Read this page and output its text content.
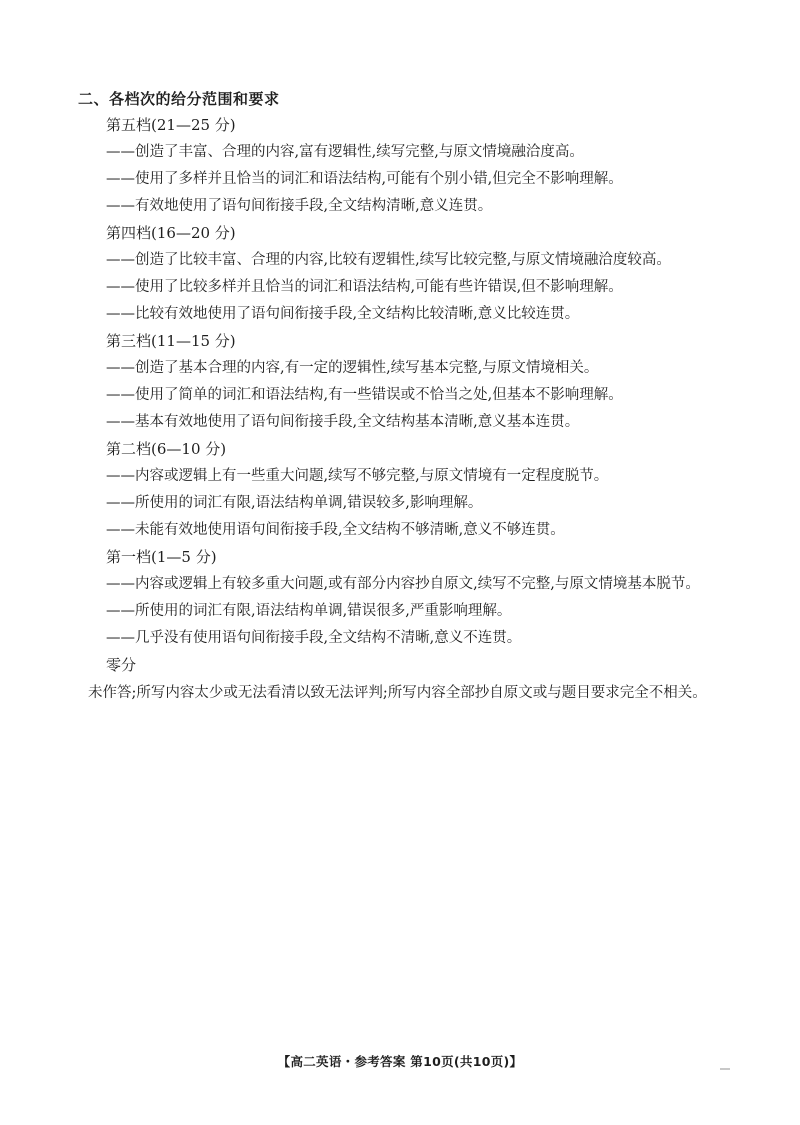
二、各档次的给分范围和要求
第五档(21—25 分)

——创造了丰富、合理的内容,富有逻辑性,续写完整,与原文情境融洽度高。

——使用了多样并且恰当的词汇和语法结构,可能有个别小错,但完全不影响理解。

——有效地使用了语句间衔接手段,全文结构清晰,意义连贯。

第四档(16—20 分)

——创造了比较丰富、合理的内容,比较有逻辑性,续写比较完整,与原文情境融洽度较高。

——使用了比较多样并且恰当的词汇和语法结构,可能有些许错误,但不影响理解。

——比较有效地使用了语句间衔接手段,全文结构比较清晰,意义比较连贯。

第三档(11—15 分)

——创造了基本合理的内容,有一定的逻辑性,续写基本完整,与原文情境相关。

——使用了简单的词汇和语法结构,有一些错误或不恰当之处,但基本不影响理解。

——基本有效地使用了语句间衔接手段,全文结构基本清晰,意义基本连贯。

第二档(6—10 分)

——内容或逻辑上有一些重大问题,续写不够完整,与原文情境有一定程度脱节。

——所使用的词汇有限,语法结构单调,错误较多,影响理解。

——未能有效地使用语句间衔接手段,全文结构不够清晰,意义不够连贯。

第一档(1—5 分)

——内容或逻辑上有较多重大问题,或有部分内容抄自原文,续写不完整,与原文情境基本脱节。

——所使用的词汇有限,语法结构单调,错误很多,严重影响理解。

——几乎没有使用语句间衔接手段,全文结构不清晰,意义不连贯。

零分

未作答;所写内容太少或无法看清以致无法评判;所写内容全部抄自原文或与题目要求完全不相关。

【高二英语・参考答案 第10页(共10页)】
